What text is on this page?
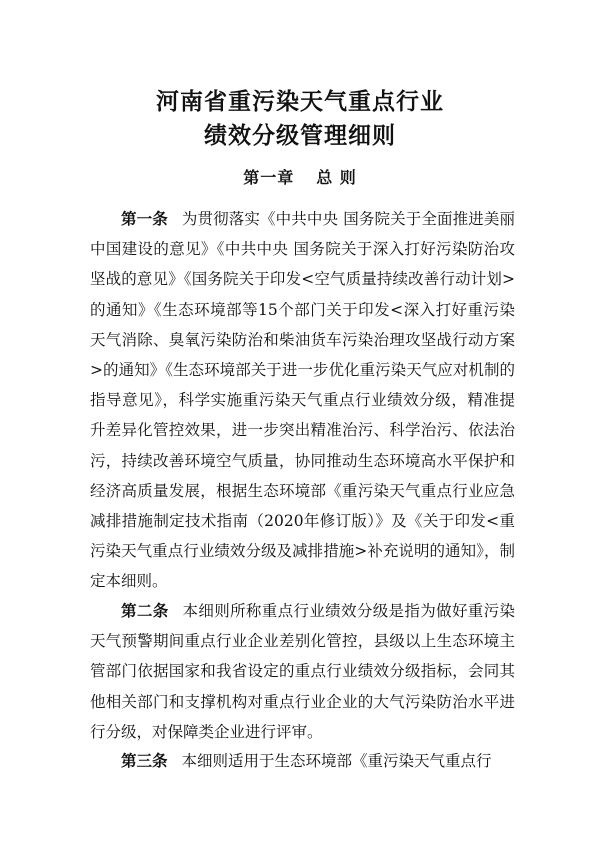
河南省重污染天气重点行业
绩效分级管理细则
第一章 总 则

第一条 为贯彻落实《中共中央 国务院关于全面推进美丽中国建设的意见》《中共中央 国务院关于深入打好污染防治攻坚战的意见》《国务院关于印发<空气质量持续改善行动计划>的通知》《生态环境部等15个部门关于印发<深入打好重污染天气消除、臭氧污染防治和柴油货车污染治理攻坚战行动方案>的通知》《生态环境部关于进一步优化重污染天气应对机制的指导意见》，科学实施重污染天气重点行业绩效分级，精准提升差异化管控效果，进一步突出精准治污、科学治污、依法治污，持续改善环境空气质量，协同推动生态环境高水平保护和经济高质量发展，根据生态环境部《重污染天气重点行业应急减排措施制定技术指南（2020年修订版）》及《关于印发<重污染天气重点行业绩效分级及减排措施>补充说明的通知》，制定本细则。

第二条 本细则所称重点行业绩效分级是指为做好重污染天气预警期间重点行业企业差别化管控，县级以上生态环境主管部门依据国家和我省设定的重点行业绩效分级指标，会同其他相关部门和支撑机构对重点行业企业的大气污染防治水平进行分级，对保障类企业进行评审。

第三条 本细则适用于生态环境部《重污染天气重点行
